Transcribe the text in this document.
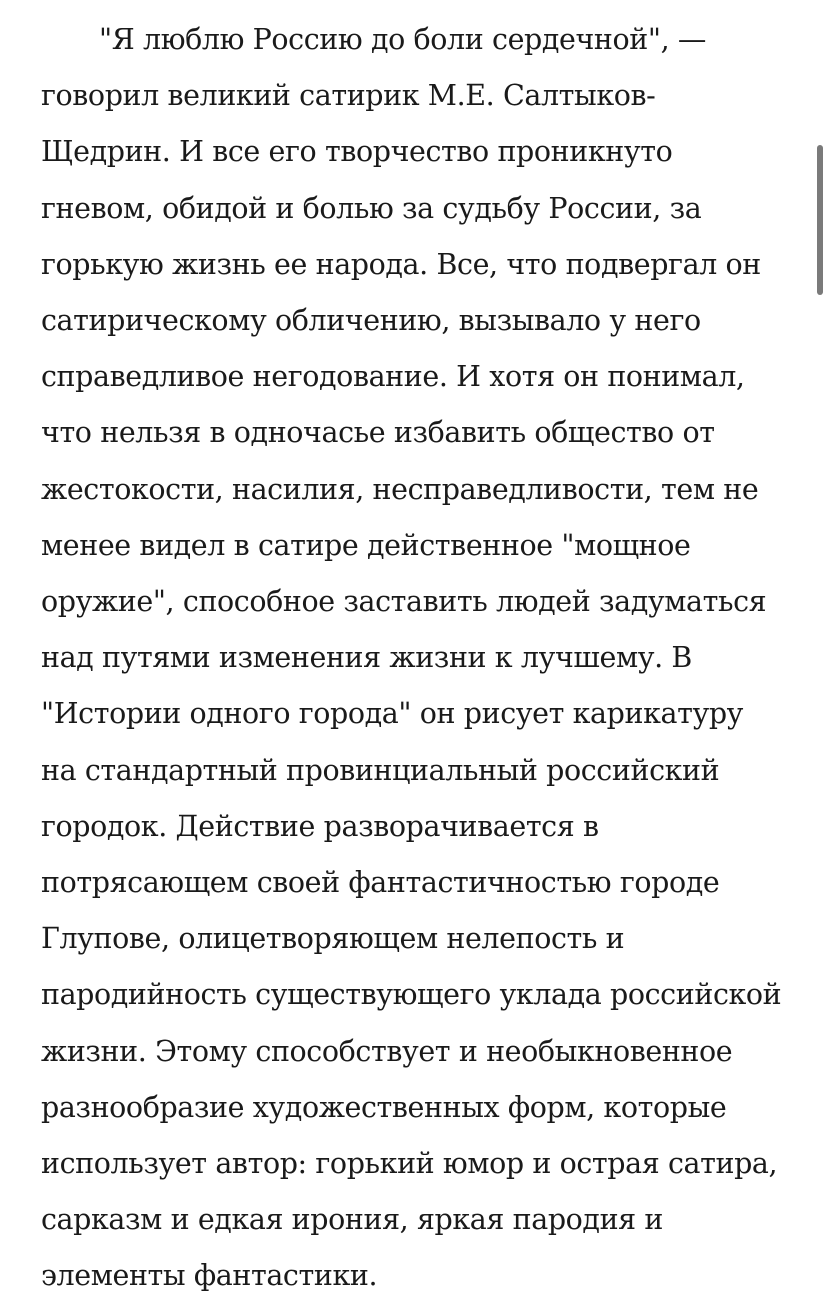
"Я люблю Россию до боли сердечной", —
говорил великий сатирик М.Е. Салтыков-
Щедрин. И все его творчество проникнуто
гневом, обидой и болью за судьбу России, за
горькую жизнь ее народа. Все, что подвергал он
сатирическому обличению, вызывало у него
справедливое негодование. И хотя он понимал,
что нельзя в одночасье избавить общество от
жестокости, насилия, несправедливости, тем не
менее видел в сатире действенное "мощное
оружие", способное заставить людей задуматься
над путями изменения жизни к лучшему. В
"Истории одного города" он рисует карикатуру
на стандартный провинциальный российский
городок. Действие разворачивается в
потрясающем своей фантастичностью городе
Глупове, олицетворяющем нелепость и
пародийность существующего уклада российской
жизни. Этому способствует и необыкновенное
разнообразие художественных форм, которые
использует автор: горький юмор и острая сатира,
сарказм и едкая ирония, яркая пародия и
элементы фантастики.
